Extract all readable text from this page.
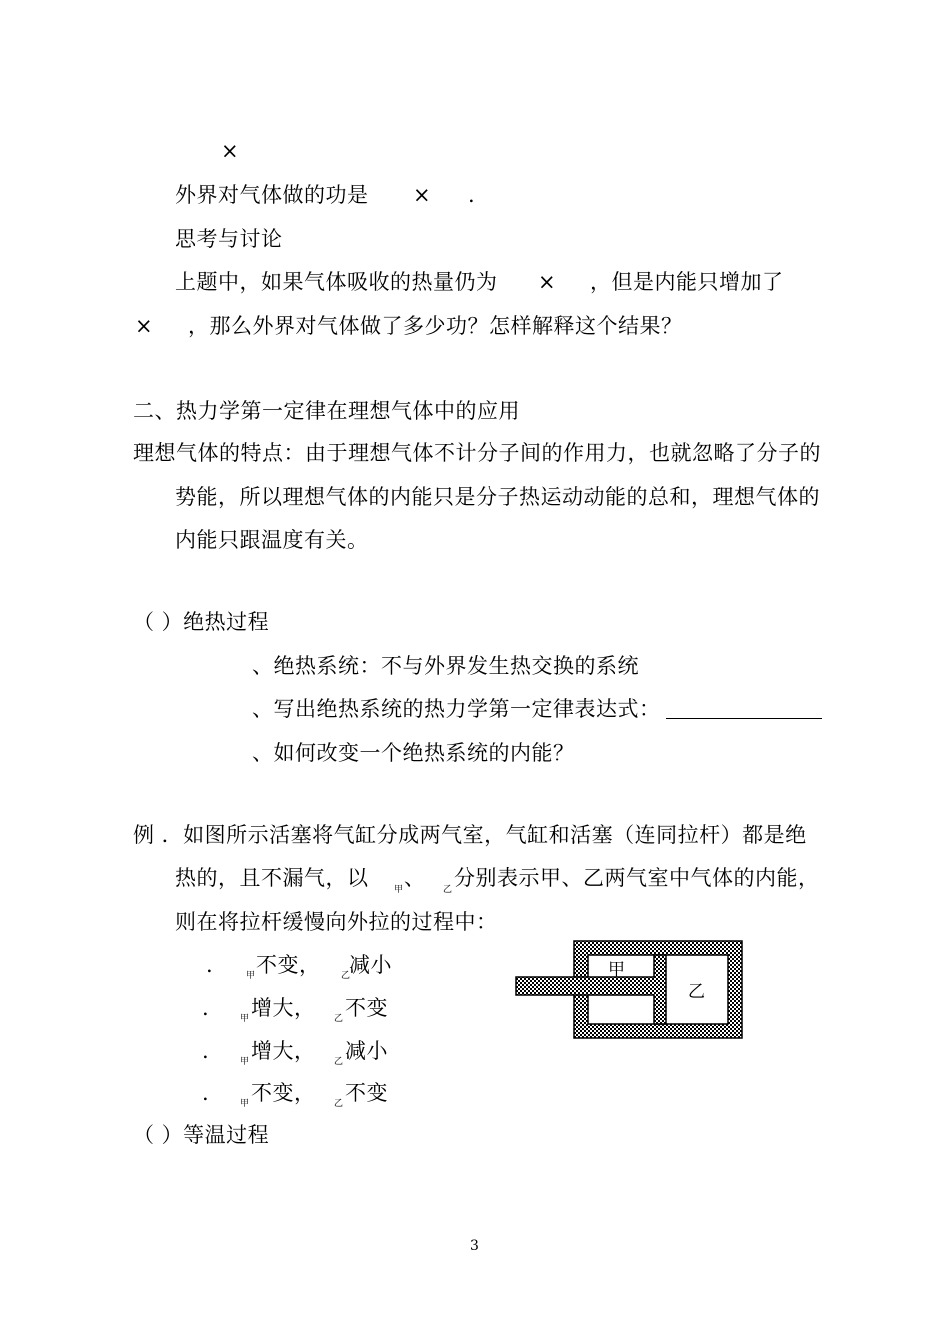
×
外界对气体做的功是 × .
思考与讨论
上题中，如果气体吸收的热量仍为 × ，但是内能只增加了
× ，那么外界对气体做了多少功？怎样解释这个结果？
二、热力学第一定律在理想气体中的应用
理想气体的特点：由于理想气体不计分子间的作用力，也就忽略了分子的
势能，所以理想气体的内能只是分子热运动动能的总和，理想气体的
内能只跟温度有关。
（ ）绝热过程
、绝热系统：不与外界发生热交换的系统
、写出绝热系统的热力学第一定律表达式：
、如何改变一个绝热系统的内能？
例 ．如图所示活塞将气缸分成两气室，气缸和活塞（连同拉杆）都是绝
热的，且不漏气，以	甲 、 乙 分别表示甲、乙两气室中气体的内能，
则在将拉杆缓慢向外拉的过程中：
.	甲 不变， 乙
减小
.	甲 增大， 乙 不变
.	甲 增大， 乙 减小
.	甲 不变， 乙 不变
甲
乙
（ ）等温过程
3
